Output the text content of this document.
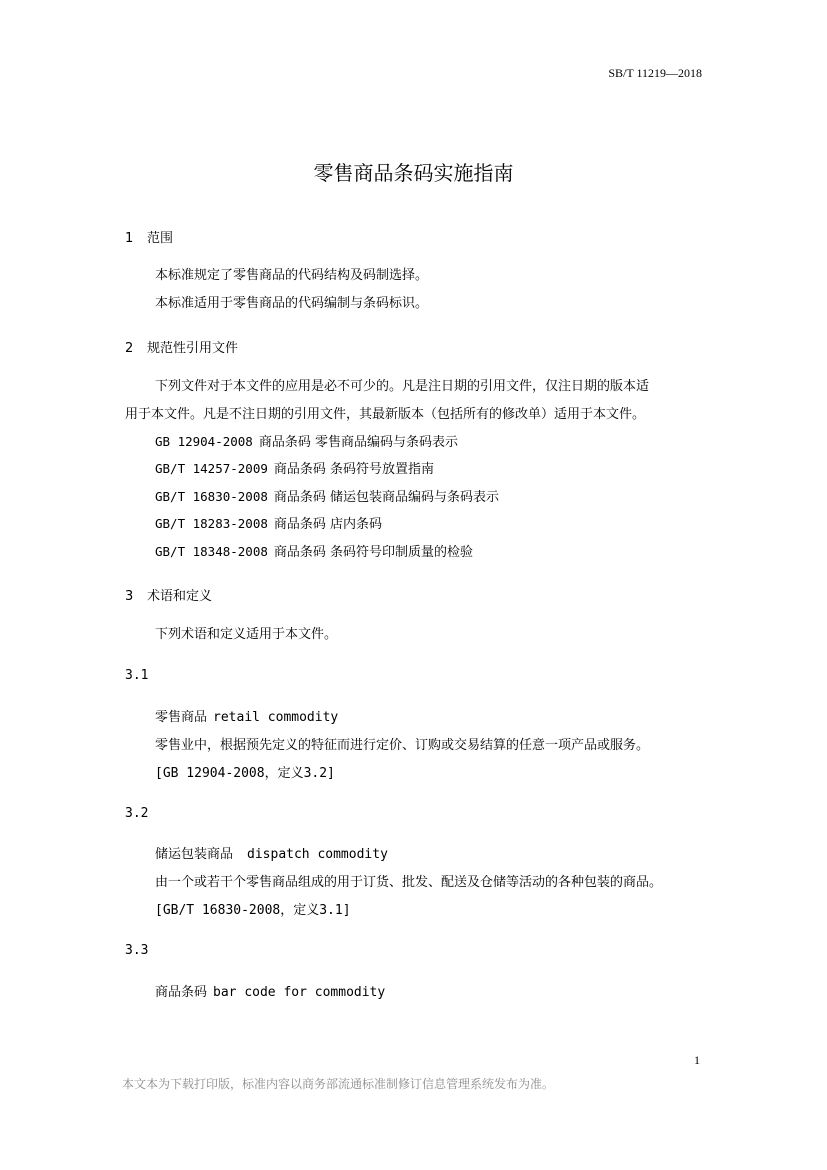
SB/T 11219—2018
零售商品条码实施指南
1 范围
本标准规定了零售商品的代码结构及码制选择。
本标准适用于零售商品的代码编制与条码标识。
2 规范性引用文件
下列文件对于本文件的应用是必不可少的。凡是注日期的引用文件，仅注日期的版本适
用于本文件。凡是不注日期的引用文件，其最新版本（包括所有的修改单）适用于本文件。
GB 12904-2008 商品条码 零售商品编码与条码表示
GB/T 14257-2009 商品条码 条码符号放置指南
GB/T 16830-2008 商品条码 储运包装商品编码与条码表示
GB/T 18283-2008 商品条码 店内条码
GB/T 18348-2008 商品条码 条码符号印制质量的检验
3 术语和定义
下列术语和定义适用于本文件。
3.1
零售商品 retail commodity
零售业中，根据预先定义的特征而进行定价、订购或交易结算的任意一项产品或服务。
[GB 12904-2008，定义3.2]
3.2
储运包装商品 dispatch commodity
由一个或若干个零售商品组成的用于订货、批发、配送及仓储等活动的各种包装的商品。
[GB/T 16830-2008，定义3.1]
3.3
商品条码 bar code for commodity
1
本文本为下载打印版，标准内容以商务部流通标准制修订信息管理系统发布为准。
